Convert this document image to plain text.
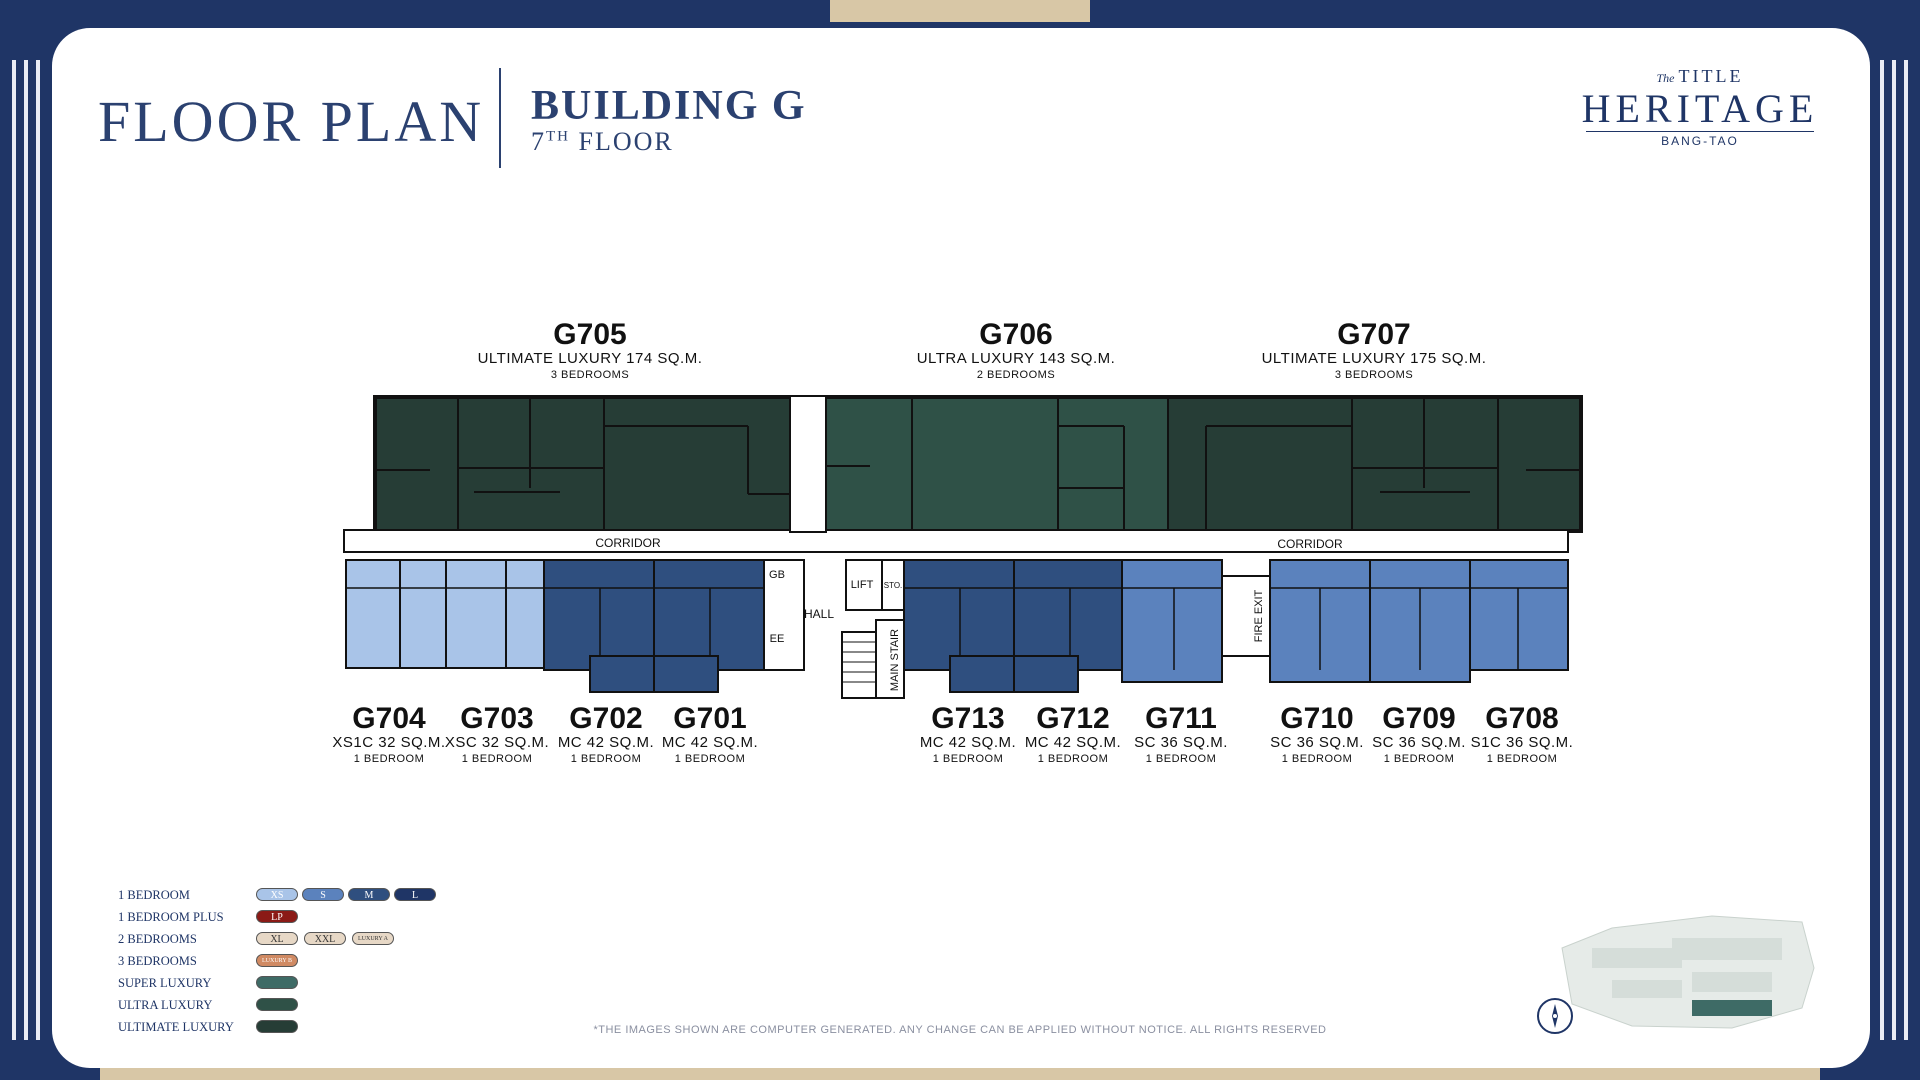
FLOOR PLAN BUILDING G
7TH FLOOR
The TITLE
HERITAGE
BANG-TAO
CORRIDOR	CORRIDOR
HALL
LIFT STO.
GB
EE	MAIN STAIR
FIRE EXIT
G705
ULTIMATE LUXURY 174 SQ.M.
3 BEDROOMS
G706
ULTRA LUXURY 143 SQ.M.
2 BEDROOMS
G707
ULTIMATE LUXURY 175 SQ.M.
3 BEDROOMS
G704
XS1C 32 SQ.M.
1 BEDROOM
G703
XSC 32 SQ.M.
1 BEDROOM
G702
MC 42 SQ.M.
1 BEDROOM
G701
MC 42 SQ.M.
1 BEDROOM
G713
MC 42 SQ.M.
1 BEDROOM
G712
MC 42 SQ.M.
1 BEDROOM
G711
SC 36 SQ.M.
1 BEDROOM
G710
SC 36 SQ.M.
1 BEDROOM
G709
SC 36 SQ.M.
1 BEDROOM
G708
S1C 36 SQ.M.
1 BEDROOM
1 BEDROOM	XS	S	M	L
1 BEDROOM PLUS	LP
2 BEDROOMS	XL	XXL	LUXURY A
3 BEDROOMS	LUXURY B
SUPER LUXURY
ULTRA LUXURY
ULTIMATE LUXURY	*THE IMAGES SHOWN ARE COMPUTER GENERATED. ANY CHANGE CAN BE APPLIED WITHOUT NOTICE. ALL RIGHTS RESERVED
